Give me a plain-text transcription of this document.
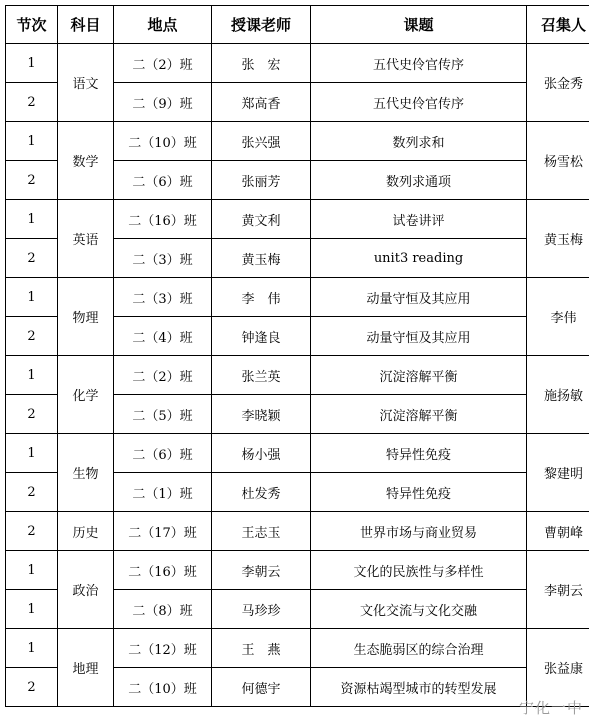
节次	科目	地点	授课老师	课题	召集人
1	语文	二（2）班	张　宏	五代史伶官传序	张金秀
2		二（9）班	郑高香	五代史伶官传序	
1	数学	二（10）班	张兴强	数列求和	杨雪松
2		二（6）班	张丽芳	数列求通项	
1	英语	二（16）班	黄文利	试卷讲评	黄玉梅
2		二（3）班	黄玉梅	unit3 reading	
1	物理	二（3）班	李　伟	动量守恒及其应用	李伟
2		二（4）班	钟逢良	动量守恒及其应用	
1	化学	二（2）班	张兰英	沉淀溶解平衡	施扬敏
2		二（5）班	李晓颖	沉淀溶解平衡	
1	生物	二（6）班	杨小强	特异性免疫	黎建明
2		二（1）班	杜发秀	特异性免疫	
2	历史	二（17）班	王志玉	世界市场与商业贸易	曹朝峰
1	政治	二（16）班	李朝云	文化的民族性与多样性	李朝云
1		二（8）班	马珍珍	文化交流与文化交融	
1	地理	二（12）班	王　燕	生态脆弱区的综合治理	张益康
2		二（10）班	何德宇	资源枯竭型城市的转型发展	
宁化一中
